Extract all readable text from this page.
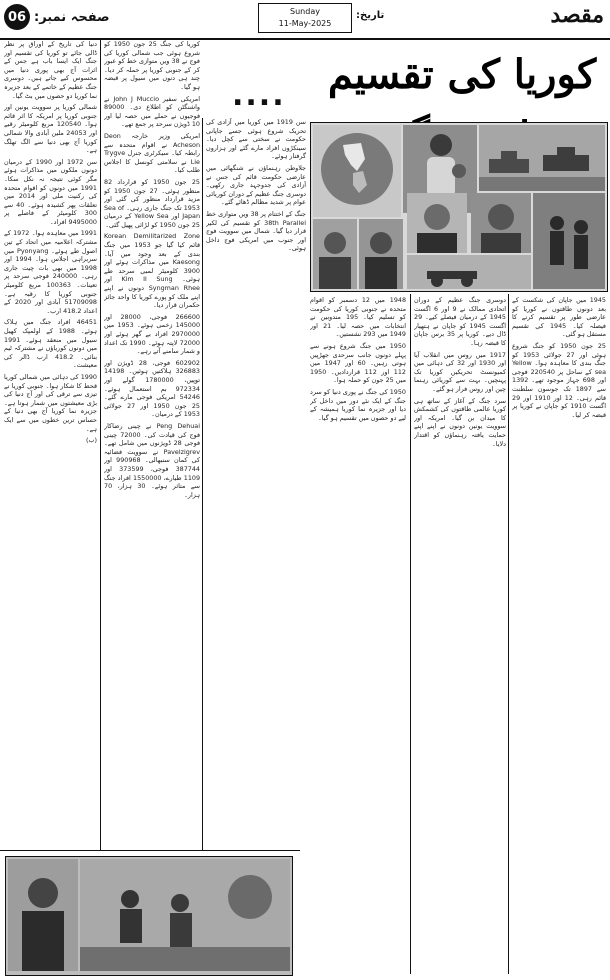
صفحہ نمبر:
06	Sunday
11-May-2025
تاریخ:	مقصد
کوریا کی تقسیم
....

دنیا کی تاریخ کے اوراق پر نظر ڈالی جائے تو کوریا کی تقسیم اور جنگ ایک ایسا باب ہے جس کے اثرات آج بھی پوری دنیا میں محسوس کیے جاتے ہیں۔ دوسری جنگ عظیم کے خاتمے کے بعد جزیرہ نما کوریا دو حصوں میں بٹ گیا۔

شمالی کوریا پر سوویت یونین اور جنوبی کوریا پر امریکہ کا اثر قائم ہوا۔ 120540 مربع کلومیٹر رقبے اور 24053 ملین آبادی والا شمالی کوریا آج بھی دنیا سے الگ تھلگ ہے۔

سن 1972 اور 1990 کے درمیان دونوں ملکوں میں مذاکرات ہوئے مگر کوئی نتیجہ نہ نکل سکا۔ 1991 میں دونوں کو اقوام متحدہ کی رکنیت ملی اور 2014 میں تعلقات پھر کشیدہ ہوئے۔ 40 سے 300 کلومیٹر کے فاصلے پر 9495000 افراد۔

1991 میں معاہدہ ہوا۔ 1972 کے مشترکہ اعلامیہ میں اتحاد کے تین اصول طے ہوئے۔ Pyonyang میں سربراہی اجلاس ہوا۔ 1994 اور 1998 میں بھی بات چیت جاری رہی۔ 240000 فوجی سرحد پر تعینات۔ 100363 مربع کلومیٹر جنوبی کوریا کا رقبہ ہے۔ 51709098 آبادی اور 2020 کے اعداد 418.2 ارب۔

46451 افراد جنگ میں ہلاک ہوئے۔ 1988 کے اولمپک کھیل سیول میں منعقد ہوئے۔ 1991 میں دونوں کوریاؤں نے مشترکہ ٹیم بنائی۔ 418.2 ارب ڈالر کی معیشت۔

1990 کی دہائی میں شمالی کوریا قحط کا شکار ہوا۔ جنوبی کوریا نے تیزی سے ترقی کی اور آج دنیا کی بڑی معیشتوں میں شمار ہوتا ہے۔ جزیرہ نما کوریا آج بھی دنیا کے حساس ترین خطوں میں سے ایک ہے۔

(ب)

کوریا کی جنگ 25 جون 1950 کو شروع ہوئی جب شمالی کوریا کی فوج نے 38 ویں متوازی خط کو عبور کر کے جنوبی کوریا پر حملہ کر دیا۔ چند ہی دنوں میں سیول پر قبضہ ہو گیا۔

امریکی سفیر John J Muccio نے واشنگٹن کو اطلاع دی۔ 89000 فوجیوں نے حملے میں حصہ لیا اور 10 ڈویژن سرحد پر جمع تھے۔

امریکی وزیر خارجہ Deon Acheson نے اقوام متحدہ سے رابطہ کیا۔ سیکرٹری جنرل Trygve Lie نے سلامتی کونسل کا اجلاس طلب کیا۔

25 جون 1950 کو قرارداد 82 منظور ہوئی۔ 27 جون 1950 کو مزید قرارداد منظور کی گئی اور 1953 تک جنگ جاری رہی۔ Sea of Japan اور Yellow Sea کے درمیان 25 جون 1950 کو لڑائی پھیل گئی۔

Korean Demilitarized Zone قائم کیا گیا جو 1953 میں جنگ بندی کے بعد وجود میں آیا۔ Kaesong میں مذاکرات ہوئے اور 3900 کلومیٹر لمبی سرحد طے ہوئی۔ Kim Il Sung اور Syngman Rhee دونوں نے اپنے اپنے ملک کو پورے کوریا کا واحد جائز حکمران قرار دیا۔

266600 فوجی، 28000 اور 145000 زخمی ہوئے۔ 1953 میں 2970000 افراد بے گھر ہوئے اور 72000 لاپتہ ہوئے۔ 1990 تک اعداد و شمار سامنے آتے رہے۔

602902 فوجی، 28 ڈویژن اور 326883 ہلاکتیں ہوئیں۔ 14198 توپیں، 1780000 گولے اور 972334 بم استعمال ہوئے۔ 54246 امریکی فوجی مارے گئے۔ 25 جون 1950 اور 27 جولائی 1953 کے درمیان۔

Peng Dehuai نے چینی رضاکار فوج کی قیادت کی۔ 72000 چینی فوجی 28 ڈویژنوں میں شامل تھے۔ Pavelzigrev نے سوویت فضائیہ کی کمان سنبھالی۔ 990968 اور 387744 فوجی، 373599 اور 1109 طیارے، 1550000 افراد جنگ سے متاثر ہوئے۔ 30 ہزار، 70 ہزار۔

سن 1919 میں کوریا میں آزادی کی تحریک شروع ہوئی جسے جاپانی حکومت نے سختی سے کچل دیا۔ سینکڑوں افراد مارے گئے اور ہزاروں گرفتار ہوئے۔

جلاوطن رہنماؤں نے شنگھائی میں عارضی حکومت قائم کی جس نے آزادی کی جدوجہد جاری رکھی۔ دوسری جنگ عظیم کے دوران کوریائی عوام پر شدید مظالم ڈھائے گئے۔

جنگ کے اختتام پر 38 ویں متوازی خط 38th Parallel کو تقسیم کی لکیر قرار دیا گیا۔ شمال میں سوویت فوج اور جنوب میں امریکی فوج داخل ہوئی۔

1948 میں 12 دسمبر کو اقوام متحدہ نے جنوبی کوریا کی حکومت کو تسلیم کیا۔ 195 مندوبین نے انتخابات میں حصہ لیا۔ 21 اور 1949 میں 293 نشستیں۔

1950 میں جنگ شروع ہونے سے پہلے دونوں جانب سرحدی جھڑپیں ہوتی رہیں۔ 60 اور 1947 میں 112 اور 112 قراردادیں۔ 1950 میں 25 جون کو حملہ ہوا۔

1950 کی جنگ نے پوری دنیا کو سرد جنگ کے ایک نئے دور میں داخل کر دیا اور جزیرہ نما کوریا ہمیشہ کے لیے دو حصوں میں تقسیم ہو گیا۔

دوسری جنگ عظیم کے دوران اتحادی ممالک نے 9 اور 6 اگست 1945 کے درمیان فیصلے کیے۔ 29 اگست 1945 کو جاپان نے ہتھیار ڈال دیے۔ کوریا پر 35 برس جاپان کا قبضہ رہا۔

1917 میں روس میں انقلاب آیا اور 1930 اور 32 کی دہائی میں کمیونسٹ تحریکیں کوریا تک پہنچیں۔ بہت سے کوریائی رہنما چین اور روس فرار ہو گئے۔

سرد جنگ کے آغاز کے ساتھ ہی کوریا عالمی طاقتوں کی کشمکش کا میدان بن گیا۔ امریکہ اور سوویت یونین دونوں نے اپنے اپنے حمایت یافتہ رہنماؤں کو اقتدار دلایا۔

1945 میں جاپان کی شکست کے بعد دونوں طاقتوں نے کوریا کو عارضی طور پر تقسیم کرنے کا فیصلہ کیا۔ 1945 کی تقسیم مستقل ہو گئی۔

25 جون 1950 کو جنگ شروع ہوئی اور 27 جولائی 1953 کو جنگ بندی کا معاہدہ ہوا۔ Yellow sea کے ساحل پر 220540 فوجی اور 698 جہاز موجود تھے۔ 1392 سے 1897 تک جوسون سلطنت قائم رہی۔ 12 اور 1910 اور 29 اگست 1910 کو جاپان نے کوریا پر قبضہ کر لیا۔
